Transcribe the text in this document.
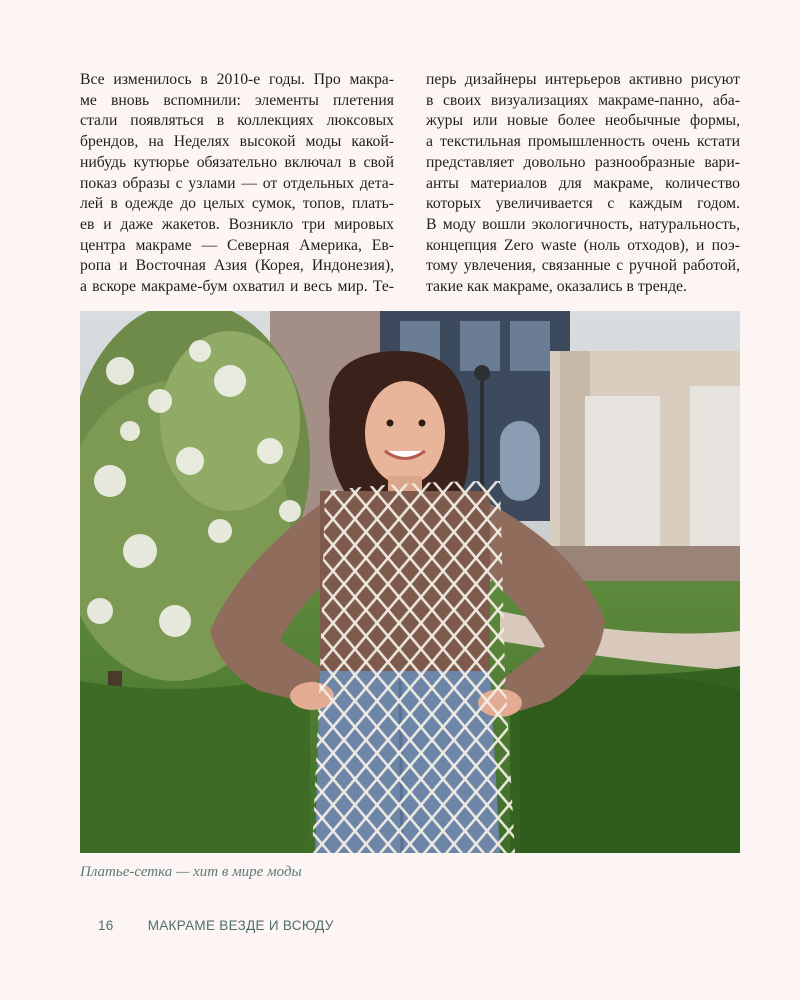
Все изменилось в 2010-е годы. Про макра-
ме вновь вспомнили: элементы плетения
стали появляться в коллекциях люксовых
брендов, на Неделях высокой моды какой-
нибудь кутюрье обязательно включал в свой
показ образы с узлами — от отдельных дета-
лей в одежде до целых сумок, топов, плать-
ев и даже жакетов. Возникло три мировых
центра макраме — Северная Америка, Ев-
ропа и Восточная Азия (Корея, Индонезия),
а вскоре макраме-бум охватил и весь мир. Те-
перь дизайнеры интерьеров активно рисуют
в своих визуализациях макраме-панно, аба-
журы или новые более необычные формы,
а текстильная промышленность очень кстати
представляет довольно разнообразные вари-
анты материалов для макраме, количество
которых увеличивается с каждым годом.
В моду вошли экологичность, натуральность,
концепция Zero waste (ноль отходов), и поэ-
тому увлечения, связанные с ручной работой,
такие как макраме, оказались в тренде.
Платье-сетка — хит в мире моды
16	МАКРАМЕ ВЕЗДЕ И ВСЮДУ
